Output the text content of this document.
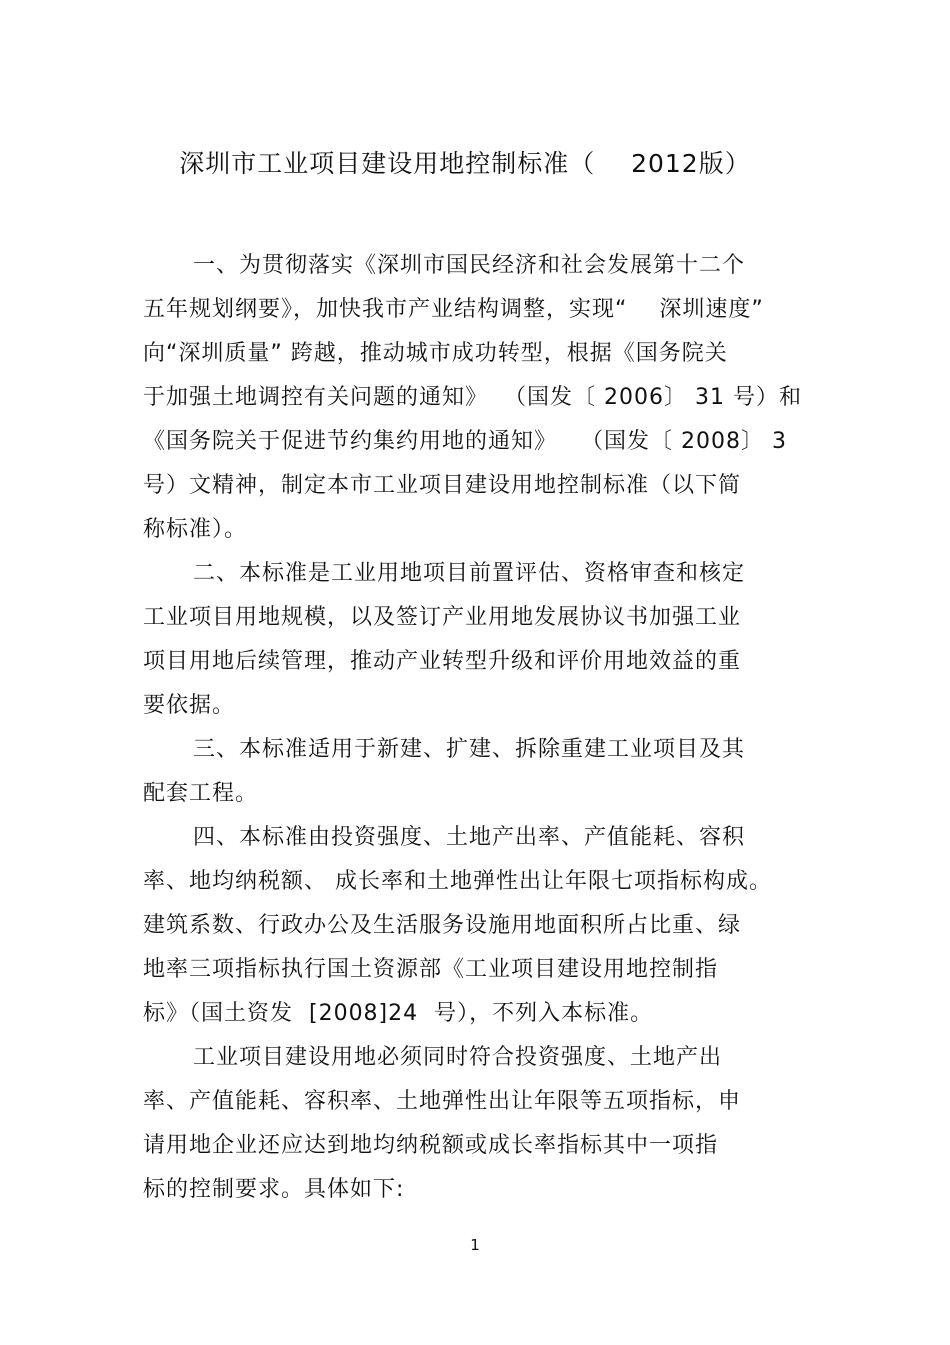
深圳市工业项目建设用地控制标准（    2012版）
一、为贯彻落实《深圳市国民经济和社会发展第十二个
五年规划纲要》，加快我市产业结构调整，实现“    深圳速度”
向“深圳质量” 跨越，推动城市成功转型，根据《国务院关
于加强土地调控有关问题的通知》  （国发〔 2006〕 31 号）和
《国务院关于促进节约集约用地的通知》   （国发〔 2008〕 3
号）文精神，制定本市工业项目建设用地控制标准（以下简
称标准）。
二、本标准是工业用地项目前置评估、资格审查和核定
工业项目用地规模，以及签订产业用地发展协议书加强工业
项目用地后续管理，推动产业转型升级和评价用地效益的重
要依据。
三、本标准适用于新建、扩建、拆除重建工业项目及其
配套工程。
四、本标准由投资强度、土地产出率、产值能耗、容积
率、地均纳税额、 成长率和土地弹性出让年限七项指标构成。
建筑系数、行政办公及生活服务设施用地面积所占比重、绿
地率三项指标执行国土资源部《工业项目建设用地控制指
标》（国土资发  [2008]24  号），不列入本标准。
工业项目建设用地必须同时符合投资强度、土地产出
率、产值能耗、容积率、土地弹性出让年限等五项指标，申
请用地企业还应达到地均纳税额或成长率指标其中一项指
标的控制要求。具体如下:
1
